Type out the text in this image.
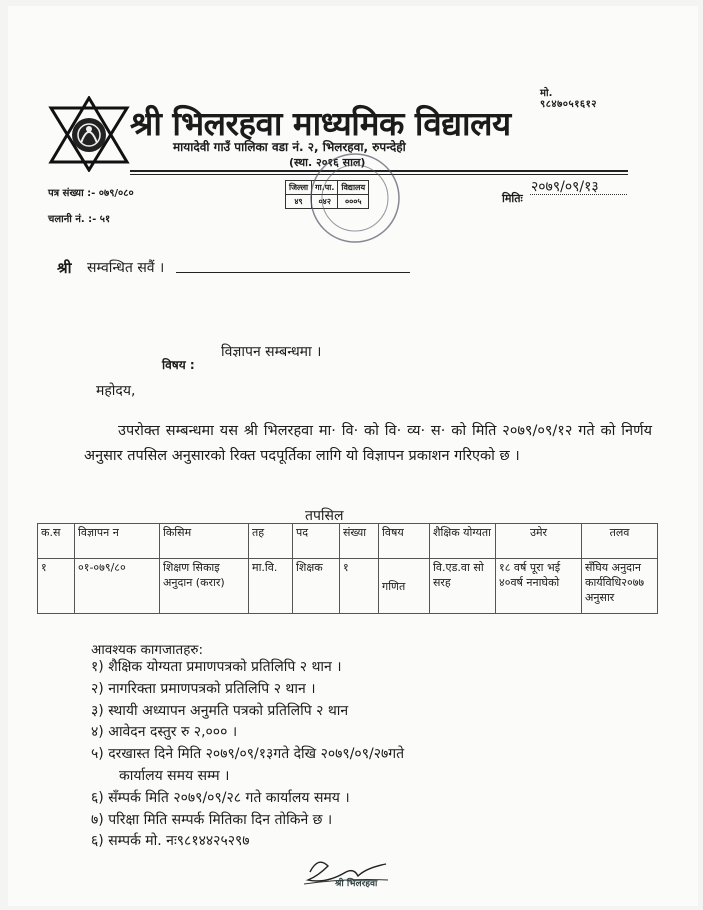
मो.
९८४७०५१६१२
श्री भिलरहवा माध्यमिक विद्यालय
मायादेवी गाउँ पालिका वडा नं. २, भिलरहवा, रुपन्देही
(स्था. २०१६ साल)
जिल्ला	गा.पा.	विद्यालय
४९	०४२	०००५
पत्र संख्या :- ०७९/०८०
चलानी नं. :- ५१
२०७९/०९/१३
मितिः
श्री सम्वन्धित सवैं ।
विज्ञापन सम्बन्धमा ।
विषय :
महोदय,
उपरोक्त सम्बन्धमा यस श्री भिलरहवा मा· वि· को वि· व्य· स· को मिति २०७९/०९/१२ गते को निर्णय अनुसार तपसिल अनुसारको रिक्त पदपूर्तिका लागि यो विज्ञापन प्रकाशन गरिएको छ ।
तपसिल
क.स	विज्ञापन न	किसिम	तह	पद	संख्या	विषय	शैक्षिक योग्यता	उमेर	तलव
१	०१-०७९/८०	शिक्षण सिकाइ अनुदान (करार)	मा.वि.	शिक्षक	१	गणित	वि.एड.वा सो सरह	१८ वर्ष पूरा भई ४०वर्ष ननाघेको	सँघिय अनुदान कार्यविधि२०७७ अनुसार
आवश्यक कागजातहरु:
१) शैक्षिक योग्यता प्रमाणपत्रको प्रतिलिपि २ थान ।
२) नागरिक्ता प्रमाणपत्रको प्रतिलिपि २ थान ।
३) स्थायी अध्यापन अनुमति पत्रको प्रतिलिपि २ थान
४) आवेदन दस्तुर रु २,००० ।
५) दरखास्त दिने मिति २०७९/०९/१३गते देखि २०७९/०९/२७गते
कार्यालय समय सम्म ।
६) सँम्पर्क मिति २०७९/०९/२८ गते कार्यालय समय ।
७) परिक्षा मिति सम्पर्क मितिका दिन तोकिने छ ।
६) सम्पर्क मो. नः९८१४४२५२९७
श्री भिलरहवा
